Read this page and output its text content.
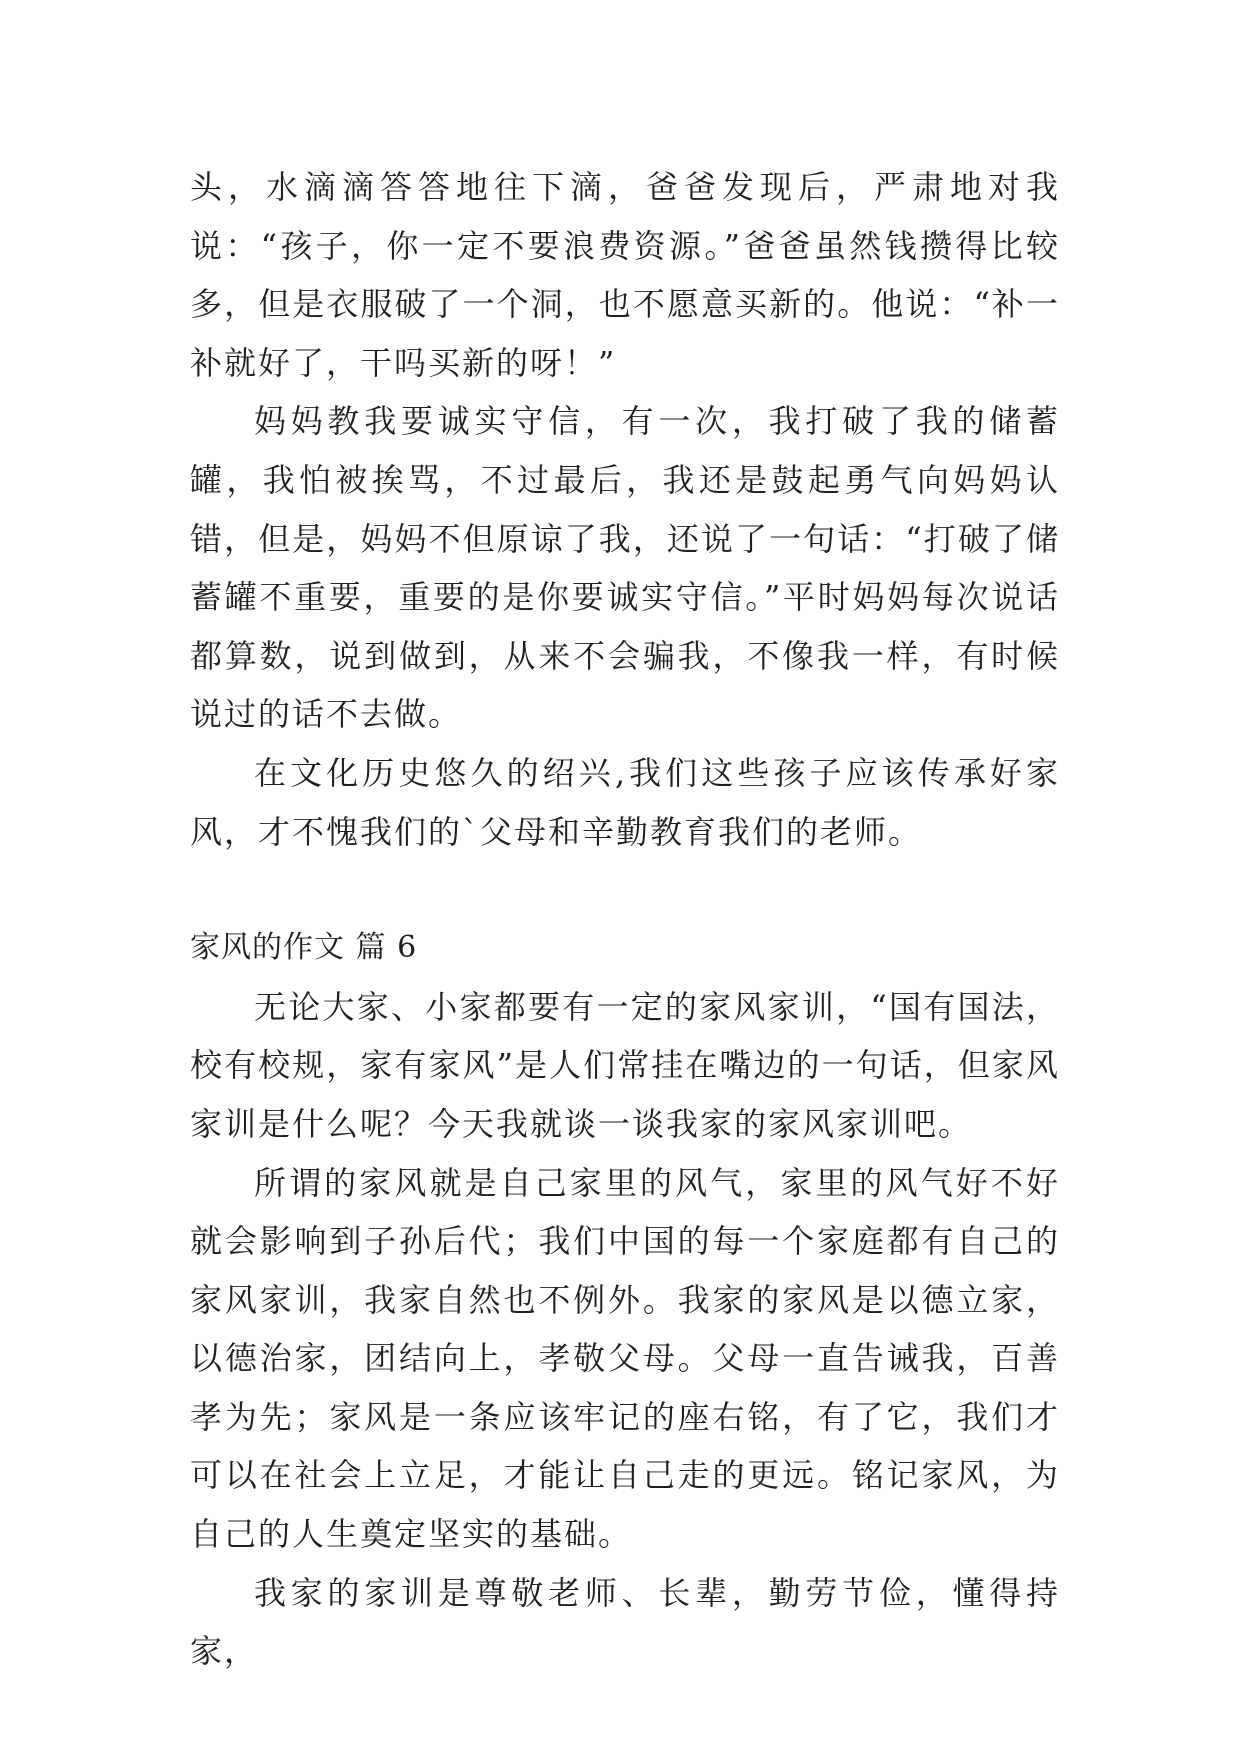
头，水滴滴答答地往下滴，爸爸发现后，严肃地对我说：“孩子，你一定不要浪费资源。”爸爸虽然钱攒得比较多，但是衣服破了一个洞，也不愿意买新的。他说：“补一补就好了，干吗买新的呀！”

妈妈教我要诚实守信，有一次，我打破了我的储蓄罐，我怕被挨骂，不过最后，我还是鼓起勇气向妈妈认错，但是，妈妈不但原谅了我，还说了一句话：“打破了储蓄罐不重要，重要的是你要诚实守信。”平时妈妈每次说话都算数，说到做到，从来不会骗我，不像我一样，有时候说过的话不去做。

在文化历史悠久的绍兴,我们这些孩子应该传承好家风，才不愧我们的`父母和辛勤教育我们的老师。

家风的作文 篇 6

无论大家、小家都要有一定的家风家训，“国有国法，校有校规，家有家风”是人们常挂在嘴边的一句话，但家风家训是什么呢？今天我就谈一谈我家的家风家训吧。

所谓的家风就是自己家里的风气，家里的风气好不好就会影响到子孙后代；我们中国的每一个家庭都有自己的家风家训，我家自然也不例外。我家的家风是以德立家，以德治家，团结向上，孝敬父母。父母一直告诫我，百善孝为先；家风是一条应该牢记的座右铭，有了它，我们才可以在社会上立足，才能让自己走的更远。铭记家风，为自己的人生奠定坚实的基础。

我家的家训是尊敬老师、长辈，勤劳节俭，懂得持家，
